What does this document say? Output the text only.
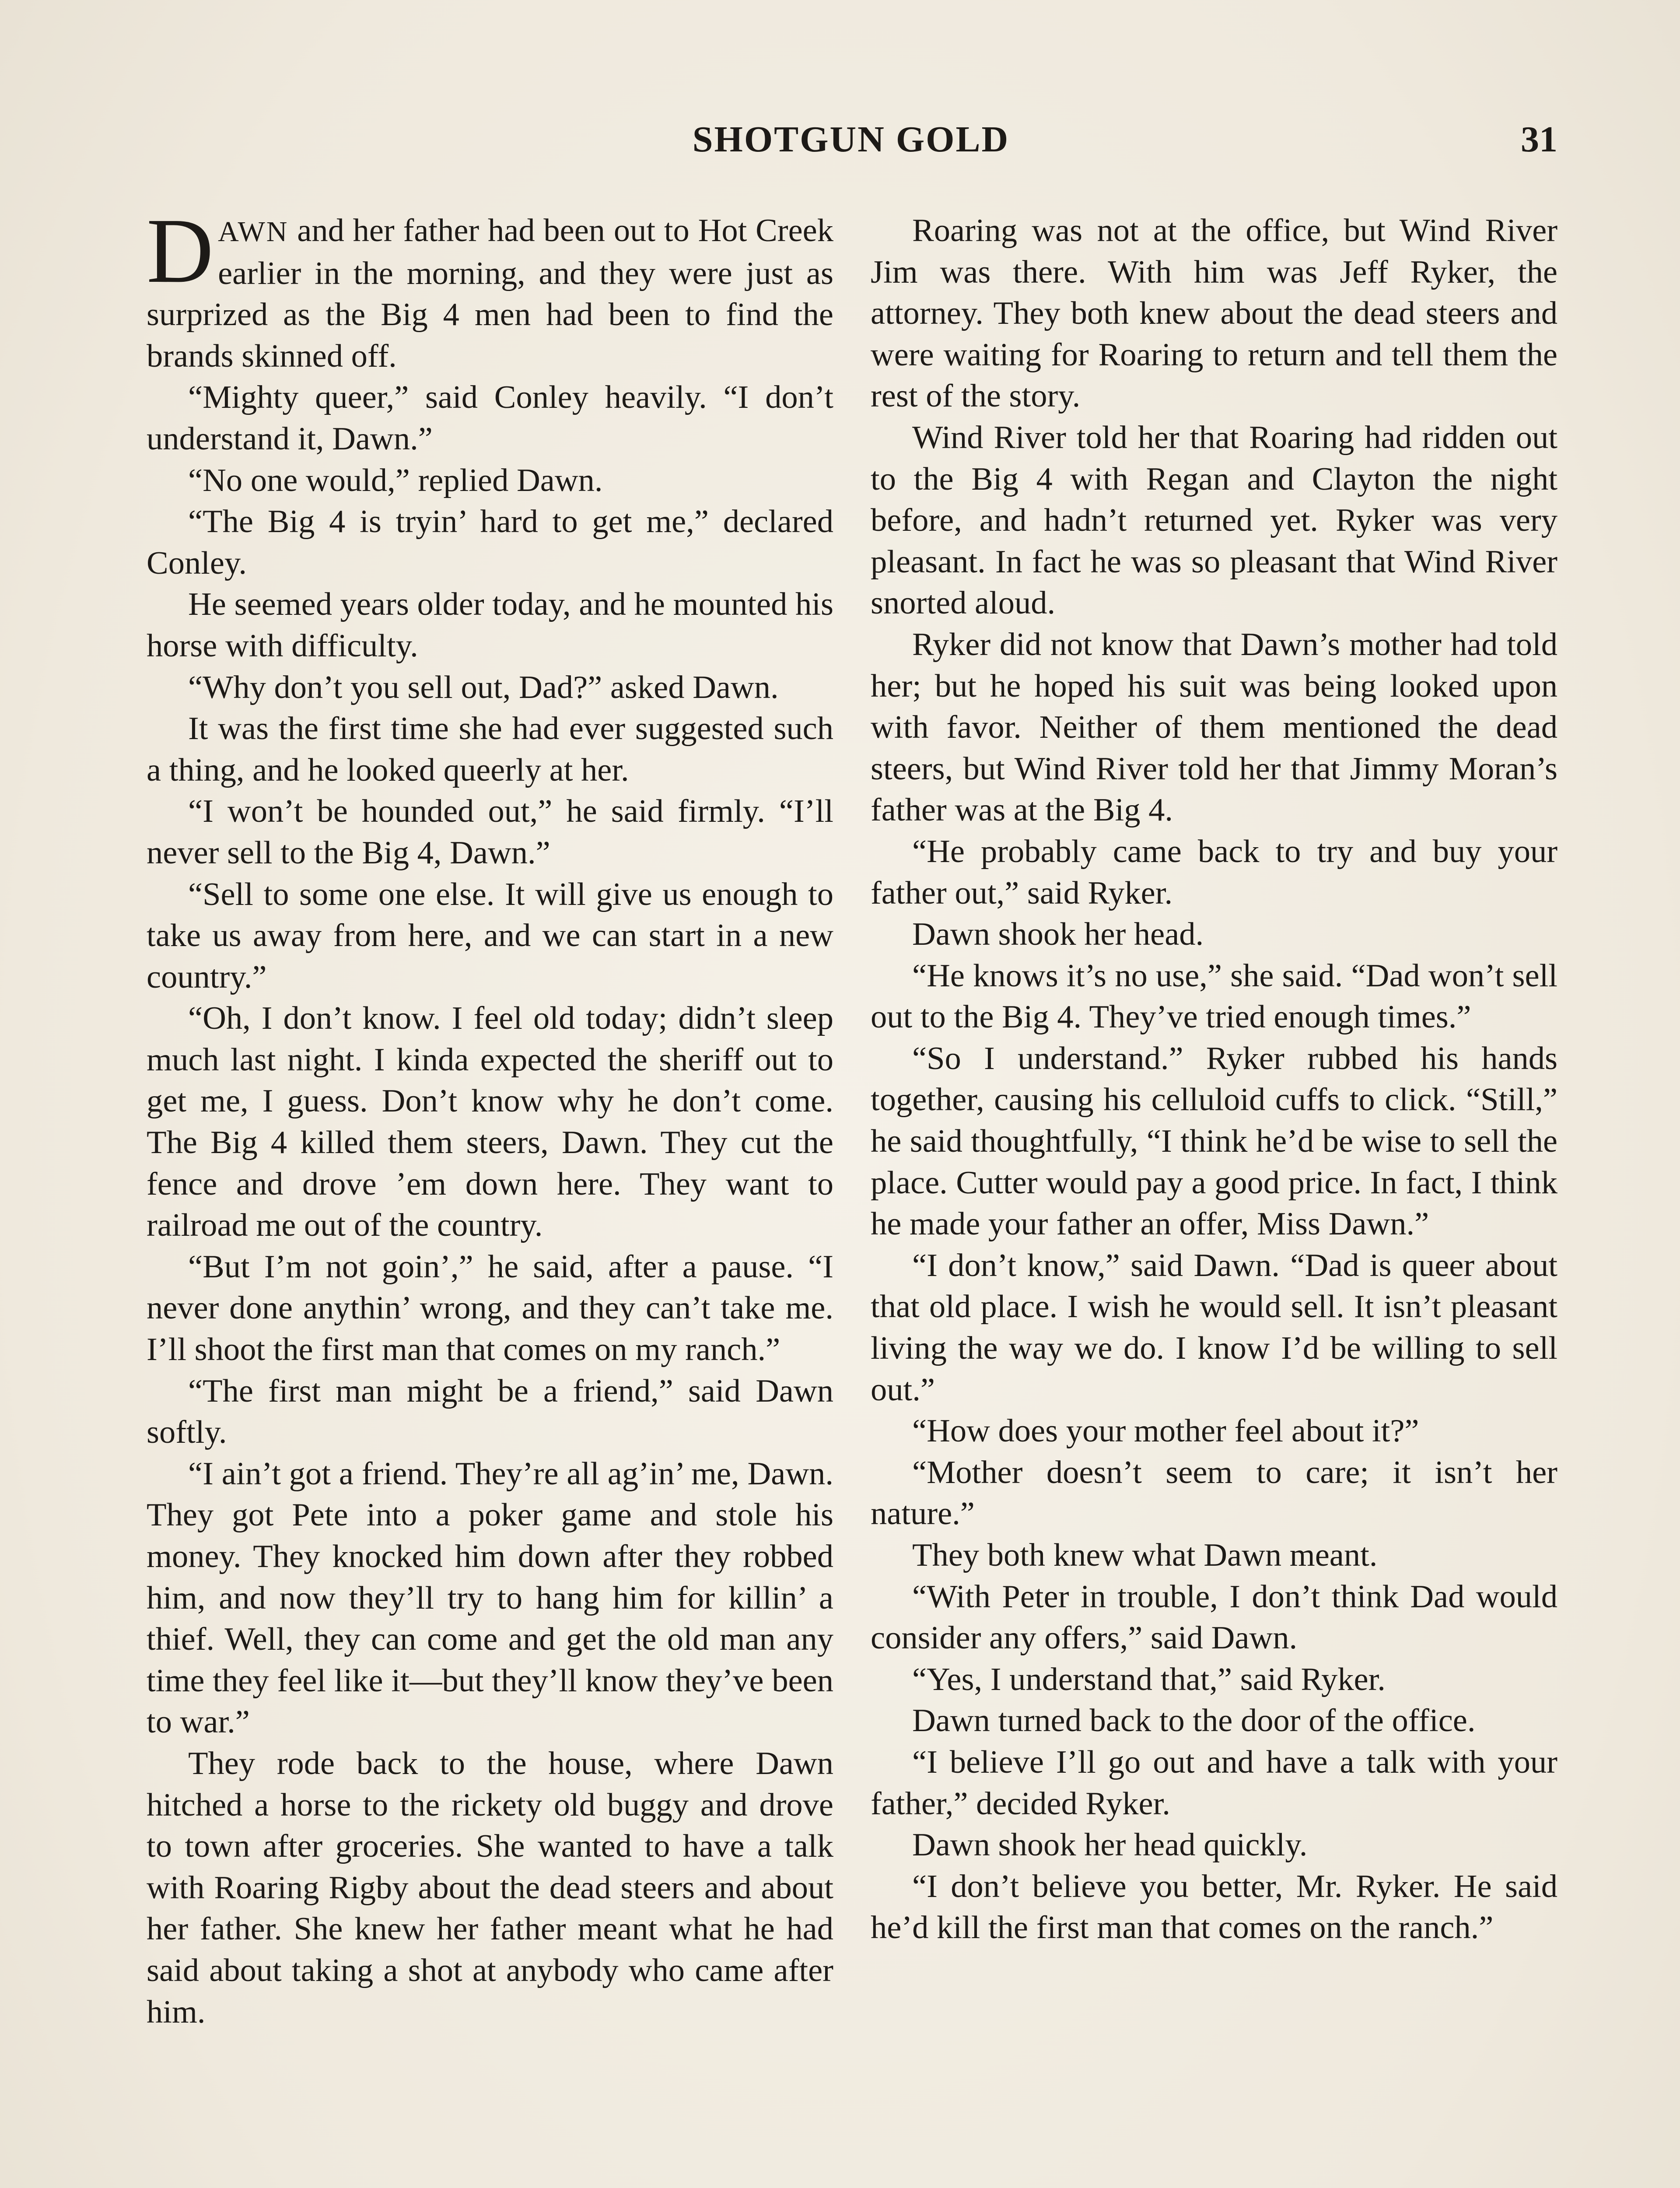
SHOTGUN GOLD	31

DAWN and her father had been out to Hot Creek earlier in the morning, and they were just as surprized as the Big 4 men had been to find the brands skinned off.

“Mighty queer,” said Conley heavily. “I don’t understand it, Dawn.”

“No one would,” replied Dawn.

“The Big 4 is tryin’ hard to get me,” declared Conley.

He seemed years older today, and he mounted his horse with difficulty.

“Why don’t you sell out, Dad?” asked Dawn.

It was the first time she had ever suggested such a thing, and he looked queerly at her.

“I won’t be hounded out,” he said firmly. “I’ll never sell to the Big 4, Dawn.”

“Sell to some one else. It will give us enough to take us away from here, and we can start in a new country.”

“Oh, I don’t know. I feel old today; didn’t sleep much last night. I kinda expected the sheriff out to get me, I guess. Don’t know why he don’t come. The Big 4 killed them steers, Dawn. They cut the fence and drove ’em down here. They want to railroad me out of the country.

“But I’m not goin’,” he said, after a pause. “I never done anythin’ wrong, and they can’t take me. I’ll shoot the first man that comes on my ranch.”

“The first man might be a friend,” said Dawn softly.

“I ain’t got a friend. They’re all ag’in’ me, Dawn. They got Pete into a poker game and stole his money. They knocked him down after they robbed him, and now they’ll try to hang him for killin’ a thief. Well, they can come and get the old man any time they feel like it—but they’ll know they’ve been to war.”

They rode back to the house, where Dawn hitched a horse to the rickety old buggy and drove to town after groceries. She wanted to have a talk with Roaring Rigby about the dead steers and about her father. She knew her father meant what he had said about taking a shot at anybody who came after him.

Roaring was not at the office, but Wind River Jim was there. With him was Jeff Ryker, the attorney. They both knew about the dead steers and were waiting for Roaring to return and tell them the rest of the story.

Wind River told her that Roaring had ridden out to the Big 4 with Regan and Clayton the night before, and hadn’t returned yet. Ryker was very pleasant. In fact he was so pleasant that Wind River snorted aloud.

Ryker did not know that Dawn’s mother had told her; but he hoped his suit was being looked upon with favor. Neither of them mentioned the dead steers, but Wind River told her that Jimmy Moran’s father was at the Big 4.

“He probably came back to try and buy your father out,” said Ryker.

Dawn shook her head.

“He knows it’s no use,” she said. “Dad won’t sell out to the Big 4. They’ve tried enough times.”

“So I understand.” Ryker rubbed his hands together, causing his celluloid cuffs to click. “Still,” he said thoughtfully, “I think he’d be wise to sell the place. Cutter would pay a good price. In fact, I think he made your father an offer, Miss Dawn.”

“I don’t know,” said Dawn. “Dad is queer about that old place. I wish he would sell. It isn’t pleasant living the way we do. I know I’d be willing to sell out.”

“How does your mother feel about it?”

“Mother doesn’t seem to care; it isn’t her nature.”

They both knew what Dawn meant.

“With Peter in trouble, I don’t think Dad would consider any offers,” said Dawn.

“Yes, I understand that,” said Ryker.

Dawn turned back to the door of the office.

“I believe I’ll go out and have a talk with your father,” decided Ryker.

Dawn shook her head quickly.

“I don’t believe you better, Mr. Ryker. He said he’d kill the first man that comes on the ranch.”
